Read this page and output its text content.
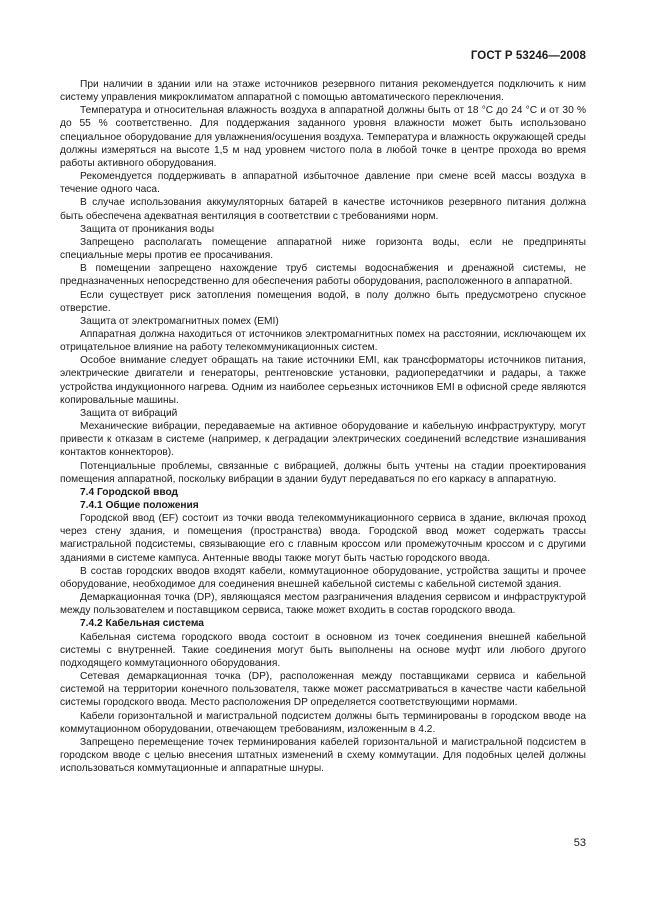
ГОСТ Р 53246—2008

При наличии в здании или на этаже источников резервного питания рекомендуется подключить к ним систему управления микроклиматом аппаратной с помощью автоматического переключения.

Температура и относительная влажность воздуха в аппаратной должны быть от 18 °С до 24 °С и от 30 % до 55 % соответственно. Для поддержания заданного уровня влажности может быть использовано специальное оборудование для увлажнения/осушения воздуха. Температура и влажность окружающей среды должны измеряться на высоте 1,5 м над уровнем чистого пола в любой точке в центре прохода во время работы активного оборудования.

Рекомендуется поддерживать в аппаратной избыточное давление при смене всей массы воздуха в течение одного часа.

В случае использования аккумуляторных батарей в качестве источников резервного питания должна быть обеспечена адекватная вентиляция в соответствии с требованиями норм.

Защита от проникания воды

Запрещено располагать помещение аппаратной ниже горизонта воды, если не предприняты специальные меры против ее просачивания.

В помещении запрещено нахождение труб системы водоснабжения и дренажной системы, не предназначенных непосредственно для обеспечения работы оборудования, расположенного в аппаратной.

Если существует риск затопления помещения водой, в полу должно быть предусмотрено спускное отверстие.

Защита от электромагнитных помех (EMI)

Аппаратная должна находиться от источников электромагнитных помех на расстоянии, исключающем их отрицательное влияние на работу телекоммуникационных систем.

Особое внимание следует обращать на такие источники EMI, как трансформаторы источников питания, электрические двигатели и генераторы, рентгеновские установки, радиопередатчики и радары, а также устройства индукционного нагрева. Одним из наиболее серьезных источников EMI в офисной среде являются копировальные машины.

Защита от вибраций

Механические вибрации, передаваемые на активное оборудование и кабельную инфраструктуру, могут привести к отказам в системе (например, к деградации электрических соединений вследствие изнашивания контактов коннекторов).

Потенциальные проблемы, связанные с вибрацией, должны быть учтены на стадии проектирования помещения аппаратной, поскольку вибрации в здании будут передаваться по его каркасу в аппаратную.

7.4 Городской ввод

7.4.1 Общие положения

Городской ввод (EF) состоит из точки ввода телекоммуникационного сервиса в здание, включая проход через стену здания, и помещения (пространства) ввода. Городской ввод может содержать трассы магистральной подсистемы, связывающие его с главным кроссом или промежуточным кроссом и с другими зданиями в системе кампуса. Антенные вводы также могут быть частью городского ввода.

В состав городских вводов входят кабели, коммутационное оборудование, устройства защиты и прочее оборудование, необходимое для соединения внешней кабельной системы с кабельной системой здания.

Демаркационная точка (DP), являющаяся местом разграничения владения сервисом и инфраструктурой между пользователем и поставщиком сервиса, также может входить в состав городского ввода.

7.4.2 Кабельная система

Кабельная система городского ввода состоит в основном из точек соединения внешней кабельной системы с внутренней. Такие соединения могут быть выполнены на основе муфт или любого другого подходящего коммутационного оборудования.

Сетевая демаркационная точка (DP), расположенная между поставщиками сервиса и кабельной системой на территории конечного пользователя, также может рассматриваться в качестве части кабельной системы городского ввода. Место расположения DP определяется соответствующими нормами.

Кабели горизонтальной и магистральной подсистем должны быть терминированы в городском вводе на коммутационном оборудовании, отвечающем требованиям, изложенным в 4.2.

Запрещено перемещение точек терминирования кабелей горизонтальной и магистральной подсистем в городском вводе с целью внесения штатных изменений в схему коммутации. Для подобных целей должны использоваться коммутационные и аппаратные шнуры.

53
